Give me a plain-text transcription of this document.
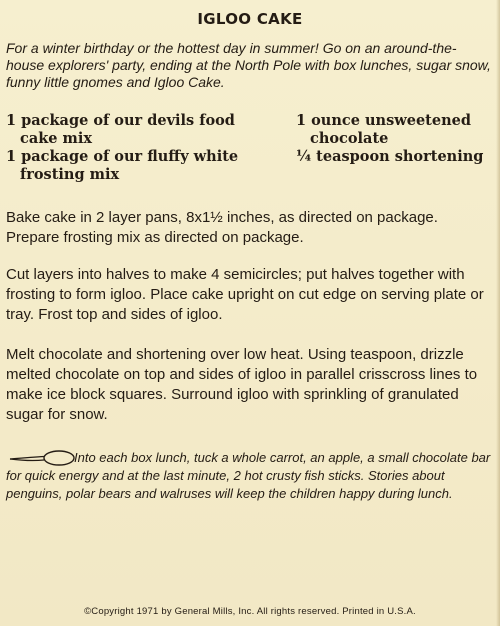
IGLOO CAKE

For a winter birthday or the hottest day in summer! Go on an around-the-house explorers' party, ending at the North Pole with box lunches, sugar snow, funny little gnomes and Igloo Cake.

1 package of our devils food cake mix
1 package of our fluffy white frosting mix
1 ounce unsweetened chocolate
¼ teaspoon shortening

Bake cake in 2 layer pans, 8x1½ inches, as directed on package. Prepare frosting mix as directed on package.

Cut layers into halves to make 4 semicircles; put halves together with frosting to form igloo. Place cake upright on cut edge on serving plate or tray. Frost top and sides of igloo.

Melt chocolate and shortening over low heat. Using teaspoon, drizzle melted chocolate on top and sides of igloo in parallel crisscross lines to make ice block squares. Surround igloo with sprinkling of granulated sugar for snow.

Into each box lunch, tuck a whole carrot, an apple, a small chocolate bar for quick energy and at the last minute, 2 hot crusty fish sticks. Stories about penguins, polar bears and walruses will keep the children happy during lunch.

©Copyright 1971 by General Mills, Inc. All rights reserved. Printed in U.S.A.
